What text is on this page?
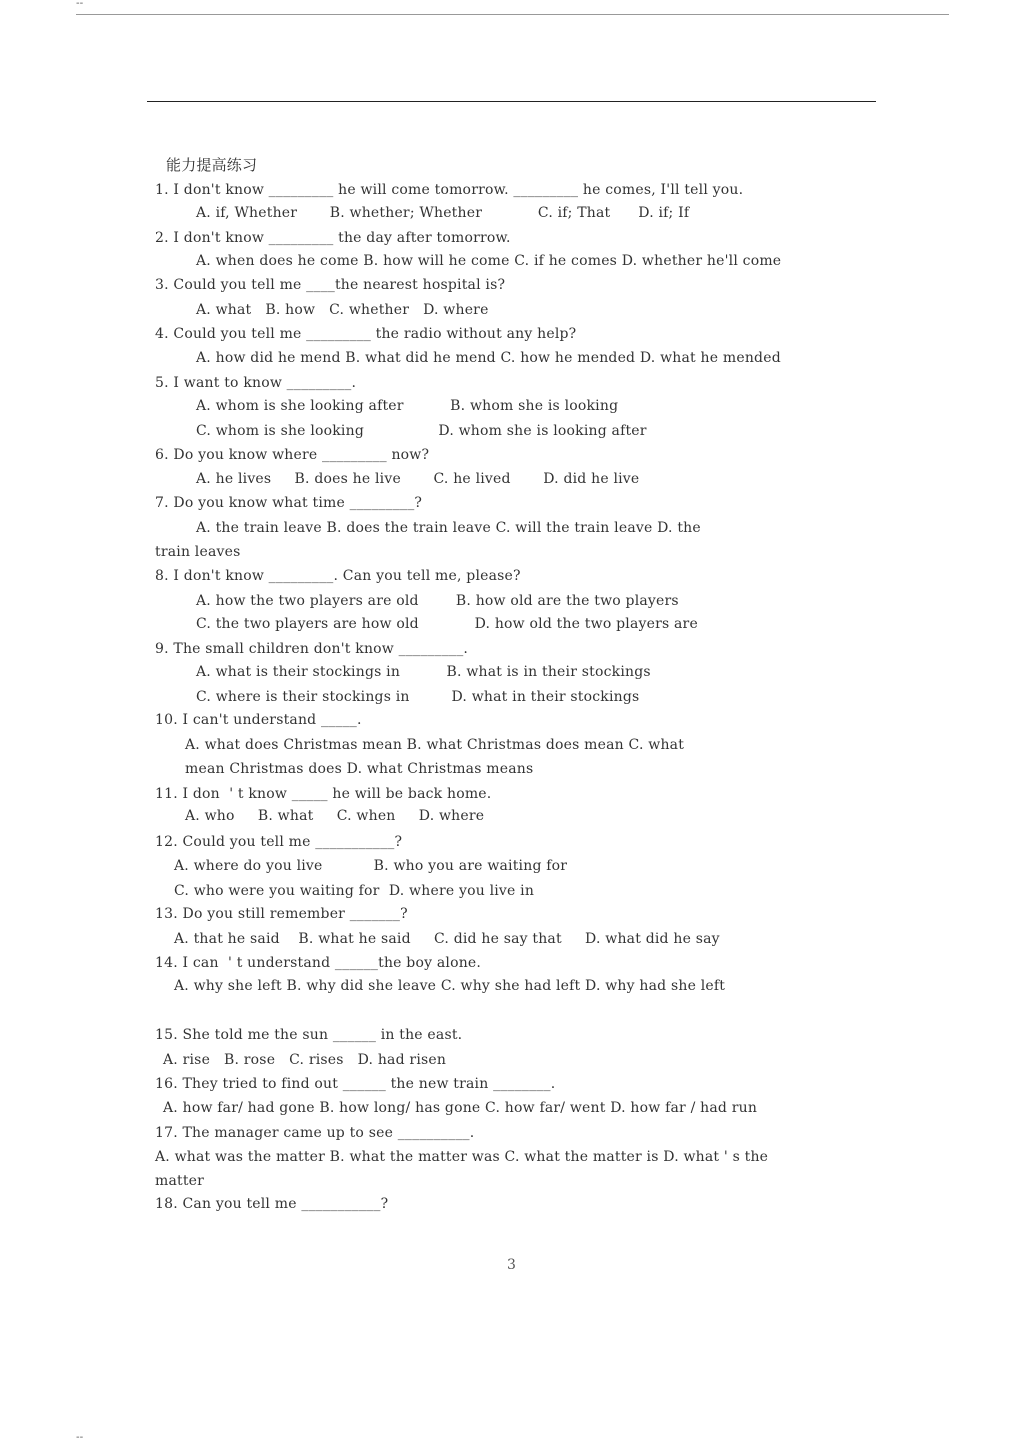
--
能力提高练习
1. I don't know _________ he will come tomorrow. _________ he comes, I'll tell you.
A. if, Whether       B. whether; Whether            C. if; That      D. if; If
2. I don't know _________ the day after tomorrow.
A. when does he come B. how will he come C. if he comes D. whether he'll come
3. Could you tell me ____the nearest hospital is?
A. what   B. how   C. whether   D. where
4. Could you tell me _________ the radio without any help?
A. how did he mend B. what did he mend C. how he mended D. what he mended
5. I want to know _________.
A. whom is she looking after          B. whom she is looking
C. whom is she looking                D. whom she is looking after
6. Do you know where _________ now?
A. he lives     B. does he live       C. he lived       D. did he live
7. Do you know what time _________?
A. the train leave B. does the train leave C. will the train leave D. the
train leaves
8. I don't know _________. Can you tell me, please?
A. how the two players are old        B. how old are the two players
C. the two players are how old            D. how old the two players are
9. The small children don't know _________.
A. what is their stockings in          B. what is in their stockings
C. where is their stockings in         D. what in their stockings
10. I can't understand _____.
A. what does Christmas mean B. what Christmas does mean C. what
mean Christmas does D. what Christmas means
11. I don  ' t know _____ he will be back home.
A. who     B. what     C. when     D. where
12. Could you tell me ___________?
A. where do you live           B. who you are waiting for
C. who were you waiting for  D. where you live in
13. Do you still remember _______?
A. that he said    B. what he said     C. did he say that     D. what did he say
14. I can  ' t understand ______the boy alone.
A. why she left B. why did she leave C. why she had left D. why had she left
15. She told me the sun ______ in the east.
A. rise   B. rose   C. rises   D. had risen
16. They tried to find out ______ the new train ________.
A. how far/ had gone B. how long/ has gone C. how far/ went D. how far / had run
17. The manager came up to see __________.
A. what was the matter B. what the matter was C. what the matter is D. what ' s the
matter
18. Can you tell me ___________?
3
--
